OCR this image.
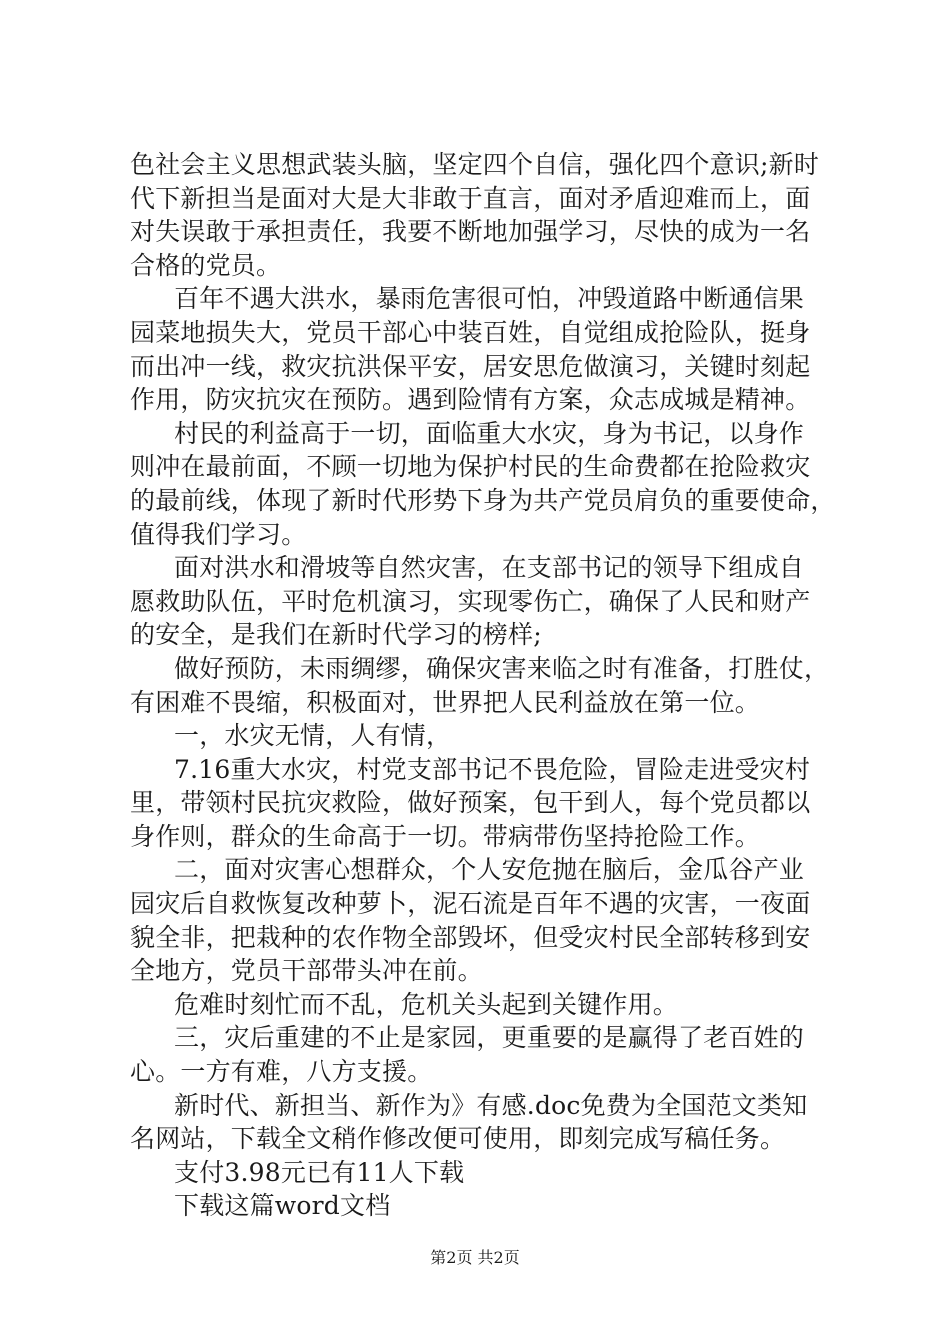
色社会主义思想武装头脑，坚定四个自信，强化四个意识;新时
代下新担当是面对大是大非敢于直言，面对矛盾迎难而上，面
对失误敢于承担责任，我要不断地加强学习，尽快的成为一名
合格的党员。
百年不遇大洪水，暴雨危害很可怕，冲毁道路中断通信果
园菜地损失大，党员干部心中装百姓，自觉组成抢险队，挺身
而出冲一线，救灾抗洪保平安，居安思危做演习，关键时刻起
作用，防灾抗灾在预防。遇到险情有方案，众志成城是精神。
村民的利益高于一切，面临重大水灾，身为书记，以身作
则冲在最前面，不顾一切地为保护村民的生命费都在抢险救灾
的最前线，体现了新时代形势下身为共产党员肩负的重要使命，
值得我们学习。
面对洪水和滑坡等自然灾害，在支部书记的领导下组成自
愿救助队伍，平时危机演习，实现零伤亡，确保了人民和财产
的安全，是我们在新时代学习的榜样;
做好预防，未雨绸缪，确保灾害来临之时有准备，打胜仗，
有困难不畏缩，积极面对，世界把人民利益放在第一位。
一，水灾无情，人有情，
7.16重大水灾，村党支部书记不畏危险，冒险走进受灾村
里，带领村民抗灾救险，做好预案，包干到人，每个党员都以
身作则，群众的生命高于一切。带病带伤坚持抢险工作。
二，面对灾害心想群众，个人安危抛在脑后，金瓜谷产业
园灾后自救恢复改种萝卜，泥石流是百年不遇的灾害，一夜面
貌全非，把栽种的农作物全部毁坏，但受灾村民全部转移到安
全地方，党员干部带头冲在前。
危难时刻忙而不乱，危机关头起到关键作用。
三，灾后重建的不止是家园，更重要的是赢得了老百姓的
心。一方有难，八方支援。
新时代、新担当、新作为》有感.doc免费为全国范文类知
名网站，下载全文稍作修改便可使用，即刻完成写稿任务。
支付3.98元已有11人下载
下载这篇word文档
第2页 共2页
